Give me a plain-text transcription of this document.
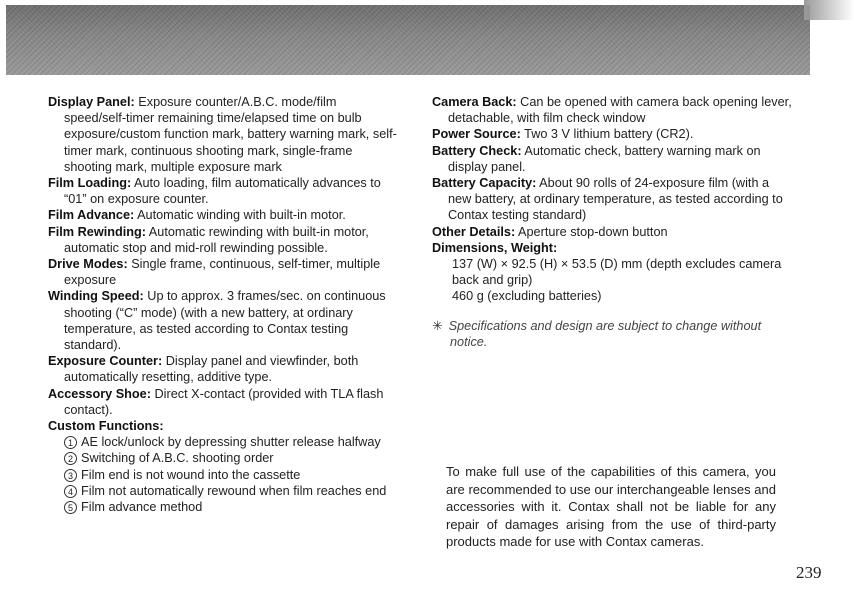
Display Panel: Exposure counter/A.B.C. mode/film speed/self-timer remaining time/elapsed time on bulb exposure/custom function mark, battery warning mark, self-timer mark, continuous shooting mark, single-frame shooting mark, multiple exposure mark

Film Loading: Auto loading, film automatically advances to “01” on exposure counter.

Film Advance: Automatic winding with built-in motor.

Film Rewinding: Automatic rewinding with built-in motor, automatic stop and mid-roll rewinding possible.

Drive Modes: Single frame, continuous, self-timer, multiple exposure

Winding Speed: Up to approx. 3 frames/sec. on continuous shooting (“C” mode) (with a new battery, at ordinary temperature, as tested according to Contax testing standard).

Exposure Counter: Display panel and viewfinder, both automatically resetting, additive type.

Accessory Shoe: Direct X-contact (provided with TLA flash contact).

Custom Functions:

1 AE lock/unlock by depressing shutter release halfway

2 Switching of A.B.C. shooting order

3 Film end is not wound into the cassette

4 Film not automatically rewound when film reaches end

5 Film advance method

Camera Back: Can be opened with camera back opening lever, detachable, with film check window

Power Source: Two 3 V lithium battery (CR2).

Battery Check: Automatic check, battery warning mark on display panel.

Battery Capacity: About 90 rolls of 24-exposure film (with a new battery, at ordinary temperature, as tested according to Contax testing standard)

Other Details: Aperture stop-down button

Dimensions, Weight:

137 (W) × 92.5 (H) × 53.5 (D) mm (depth excludes camera back and grip)

460 g (excluding batteries)

✳ Specifications and design are subject to change without notice.
To make full use of the capabilities of this camera, you are recommended to use our interchangeable lenses and accessories with it. Contax shall not be liable for any repair of damages arising from the use of third-party products made for use with Contax cameras.
239
